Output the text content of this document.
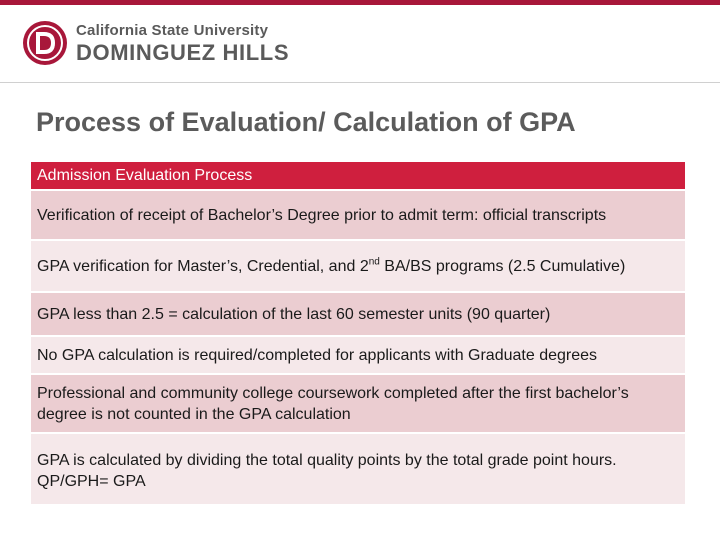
California State University
DOMINGUEZ HILLS
Process of Evaluation/ Calculation of GPA
Admission Evaluation Process
Verification of receipt of Bachelor’s Degree prior to admit term: official transcripts
GPA verification for Master’s, Credential, and 2nd BA/BS programs (2.5 Cumulative)
GPA less than 2.5 = calculation of the last 60 semester units (90 quarter)
No GPA calculation is required/completed for applicants with Graduate degrees
Professional and community college coursework completed after the first bachelor’s degree is not counted in the GPA calculation
GPA is calculated by dividing the total quality points by the total grade point hours. QP/GPH= GPA
